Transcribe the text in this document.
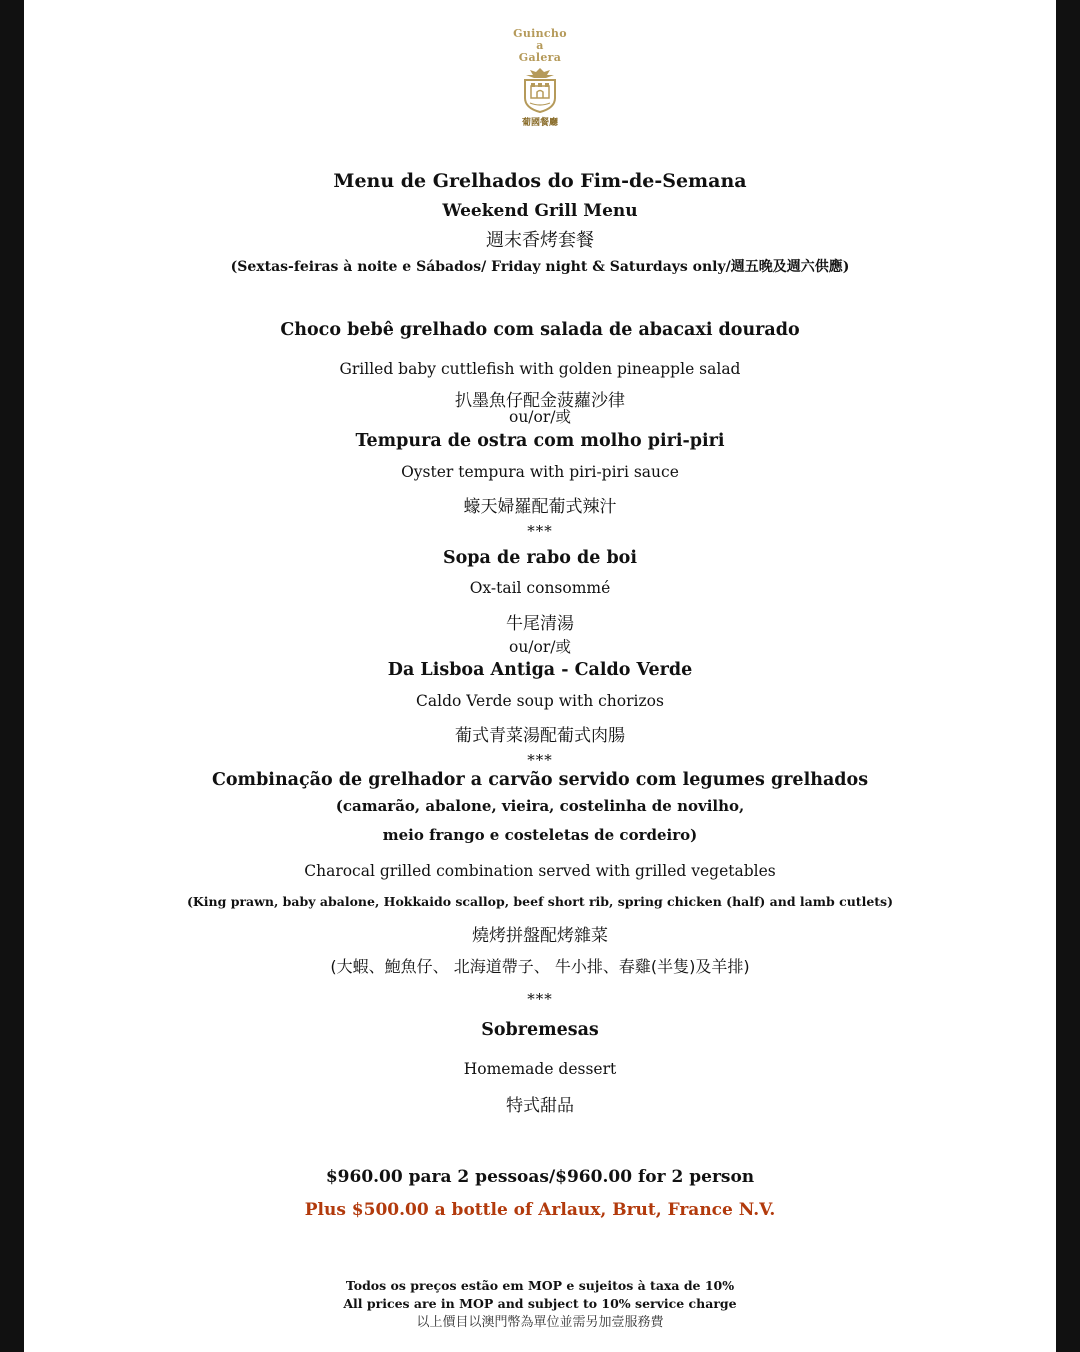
Guincho
a
Galera
葡國餐廳
Menu de Grelhados do Fim-de-Semana
Weekend Grill Menu
週末香烤套餐
(Sextas-feiras à noite e Sábados/ Friday night & Saturdays only/週五晚及週六供應)
Choco bebê grelhado com salada de abacaxi dourado
Grilled baby cuttlefish with golden pineapple salad
扒墨魚仔配金菠蘿沙律
ou/or/或
Tempura de ostra com molho piri-piri
Oyster tempura with piri-piri sauce
蠔天婦羅配葡式辣汁
***
Sopa de rabo de boi
Ox-tail consommé
牛尾清湯
ou/or/或
Da Lisboa Antiga - Caldo Verde
Caldo Verde soup with chorizos
葡式青菜湯配葡式肉腸
***
Combinação de grelhador a carvão servido com legumes grelhados
(camarão, abalone, vieira, costelinha de novilho,
meio frango e costeletas de cordeiro)
Charocal grilled combination served with grilled vegetables
(King prawn, baby abalone, Hokkaido scallop, beef short rib, spring chicken (half) and lamb cutlets)
燒烤拼盤配烤雜菜
(大蝦、鮑魚仔、 北海道帶子、 牛小排、春雞(半隻)及羊排)
***
Sobremesas
Homemade dessert
特式甜品
$960.00 para 2 pessoas/$960.00 for 2 person
Plus $500.00 a bottle of Arlaux, Brut, France N.V.
Todos os preços estão em MOP e sujeitos à taxa de 10%
All prices are in MOP and subject to 10% service charge
以上價目以澳門幣為單位並需另加壹服務費
